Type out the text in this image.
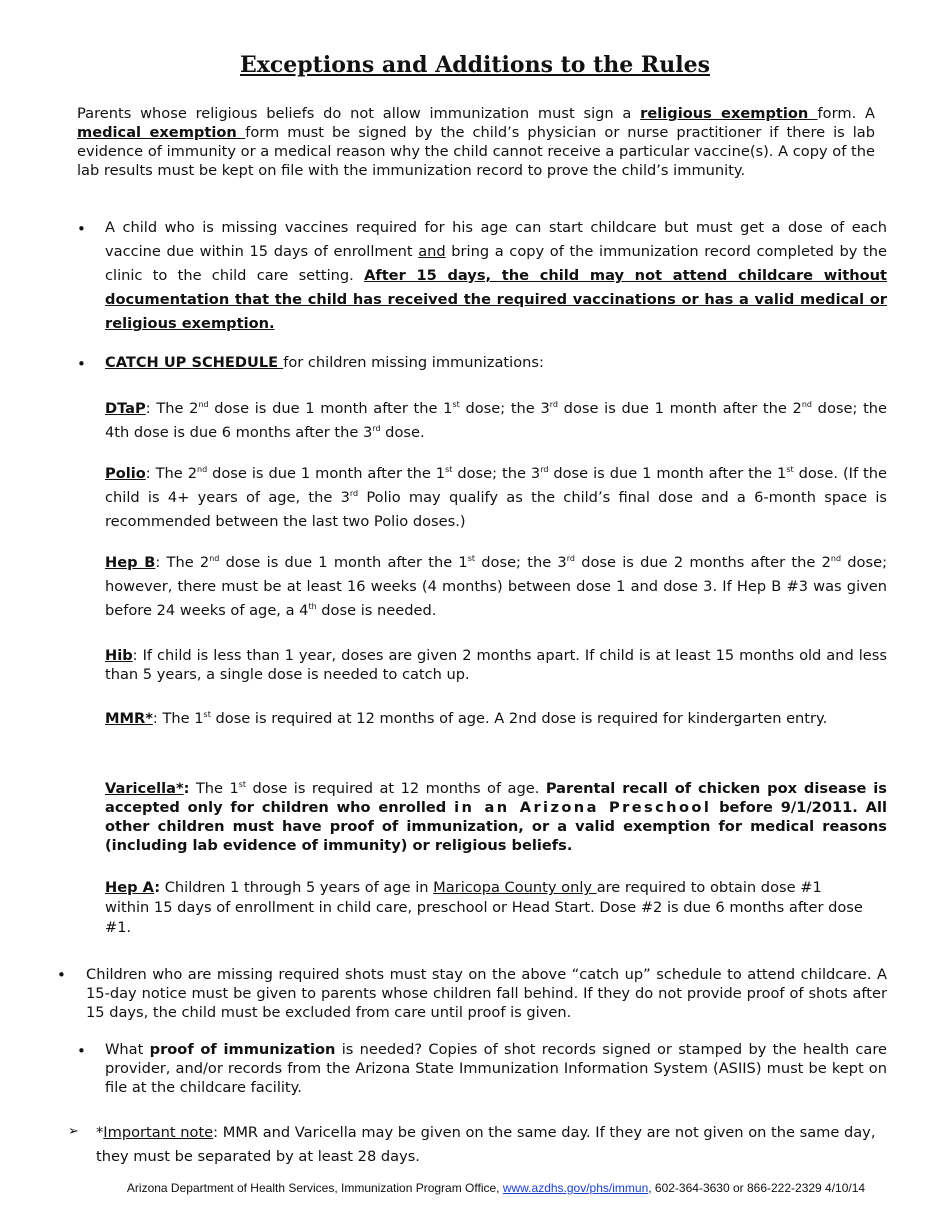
Exceptions and Additions to the Rules
Parents whose religious beliefs do not allow immunization must sign a religious exemption form. A medical exemption form must be signed by the child’s physician or nurse practitioner if there is lab evidence of immunity or a medical reason why the child cannot receive a particular vaccine(s). A copy of the lab results must be kept on file with the immunization record to prove the child’s immunity.
• A child who is missing vaccines required for his age can start childcare but must get a dose of each vaccine due within 15 days of enrollment and bring a copy of the immunization record completed by the clinic to the child care setting. After 15 days, the child may not attend childcare without documentation that the child has received the required vaccinations or has a valid medical or religious exemption.
• CATCH UP SCHEDULE for children missing immunizations:
DTaP: The 2nd dose is due 1 month after the 1st dose; the 3rd dose is due 1 month after the 2nd dose; the 4th dose is due 6 months after the 3rd dose.
Polio: The 2nd dose is due 1 month after the 1st dose; the 3rd dose is due 1 month after the 1st dose. (If the child is 4+ years of age, the 3rd Polio may qualify as the child’s final dose and a 6-month space is recommended between the last two Polio doses.)
Hep B: The 2nd dose is due 1 month after the 1st dose; the 3rd dose is due 2 months after the 2nd dose; however, there must be at least 16 weeks (4 months) between dose 1 and dose 3. If Hep B #3 was given before 24 weeks of age, a 4th dose is needed.
Hib: If child is less than 1 year, doses are given 2 months apart. If child is at least 15 months old and less than 5 years, a single dose is needed to catch up.
MMR*: The 1st dose is required at 12 months of age. A 2nd dose is required for kindergarten entry.
Varicella*: The 1st dose is required at 12 months of age. Parental recall of chicken pox disease is accepted only for children who enrolled in an Arizona Preschool before 9/1/2011. All other children must have proof of immunization, or a valid exemption for medical reasons (including lab evidence of immunity) or religious beliefs.
Hep A: Children 1 through 5 years of age in Maricopa County only are required to obtain dose #1 within 15 days of enrollment in child care, preschool or Head Start. Dose #2 is due 6 months after dose #1.
• Children who are missing required shots must stay on the above “catch up” schedule to attend childcare. A 15-day notice must be given to parents whose children fall behind. If they do not provide proof of shots after 15 days, the child must be excluded from care until proof is given.
• What proof of immunization is needed? Copies of shot records signed or stamped by the health care provider, and/or records from the Arizona State Immunization Information System (ASIIS) must be kept on file at the childcare facility.
➢ *Important note: MMR and Varicella may be given on the same day. If they are not given on the same day, they must be separated by at least 28 days.
Arizona Department of Health Services, Immunization Program Office, www.azdhs.gov/phs/immun, 602-364-3630 or 866-222-2329 4/10/14
